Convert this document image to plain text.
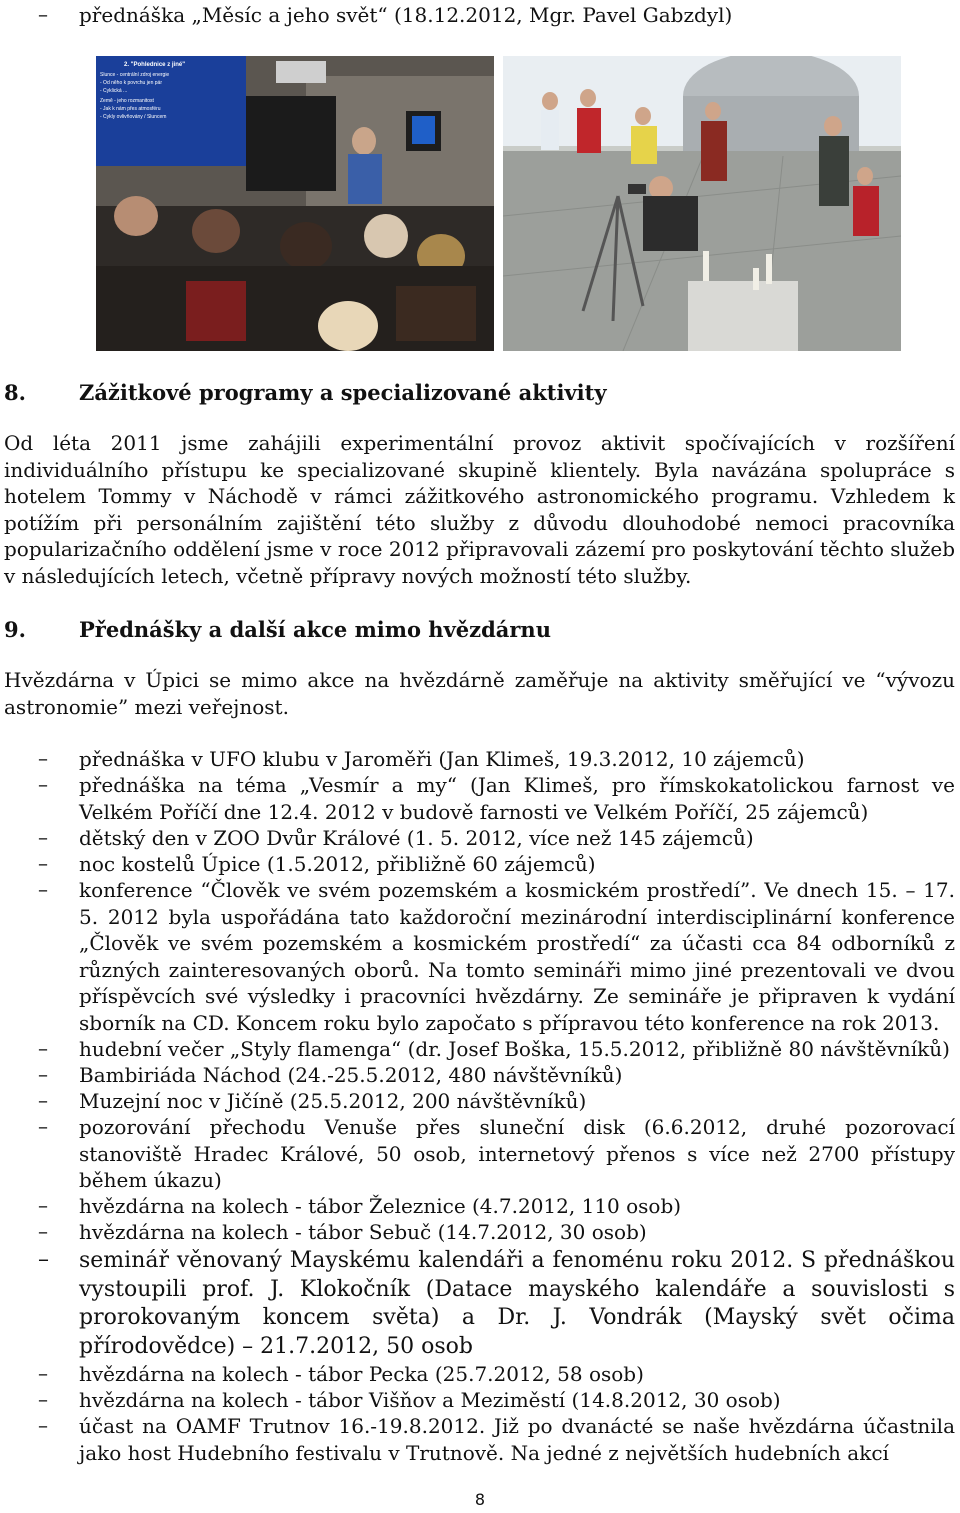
–	přednáška „Měsíc a jeho svět“ (18.12.2012, Mgr. Pavel Gabzdyl)
2. "Pohlednice z jiné"
Slunce - centrální zdroj energie
- Od něho k povrchu jen pár
- Cyklická ...
Země - jeho rozmanitost
- Jak k nám přes atmosféru
- Cykly ovlivňovány / Sluncem
8.	Zážitkové programy a specializované aktivity
Od léta 2011 jsme zahájili experimentální provoz aktivit spočívajících v rozšíření individuálního přístupu ke specializované skupině klientely. Byla navázána spolupráce s hotelem Tommy v Náchodě v rámci zážitkového astronomického programu. Vzhledem k potížím při personálním zajištění této služby z důvodu dlouhodobé nemoci pracovníka popularizačního oddělení jsme v roce 2012 připravovali zázemí pro poskytování těchto služeb v následujících letech, včetně přípravy nových možností této služby.
9.	Přednášky a další akce mimo hvězdárnu
Hvězdárna v Úpici se mimo akce na hvězdárně zaměřuje na aktivity směřující ve “vývozu astronomie” mezi veřejnost.
–	přednáška v UFO klubu v Jaroměři (Jan Klimeš, 19.3.2012, 10 zájemců)
–	přednáška na téma „Vesmír a my“ (Jan Klimeš, pro římskokatolickou farnost ve Velkém Poříčí dne 12.4. 2012 v budově farnosti ve Velkém Poříčí, 25 zájemců)
–	dětský den v ZOO Dvůr Králové (1. 5. 2012, více než 145 zájemců)
–	noc kostelů Úpice (1.5.2012, přibližně 60 zájemců)
–	konference “Člověk ve svém pozemském a kosmickém prostředí”. Ve dnech 15. – 17. 5. 2012 byla uspořádána tato každoroční mezinárodní interdisciplinární konference „Člověk ve svém pozemském a kosmickém prostředí“ za účasti cca 84 odborníků z různých zainteresovaných oborů. Na tomto semináři mimo jiné prezentovali ve dvou příspěvcích své výsledky i pracovníci hvězdárny. Ze semináře je připraven k vydání sborník na CD. Koncem roku bylo započato s přípravou této konference na rok 2013.
–	hudební večer „Styly flamenga“ (dr. Josef Boška, 15.5.2012, přibližně 80 návštěvníků)
–	Bambiriáda Náchod (24.-25.5.2012, 480 návštěvníků)
–	Muzejní noc v Jičíně (25.5.2012, 200 návštěvníků)
–	pozorování přechodu Venuše přes sluneční disk (6.6.2012, druhé pozorovací stanoviště Hradec Králové, 50 osob, internetový přenos s více než 2700 přístupy během úkazu)
–	hvězdárna na kolech - tábor Železnice (4.7.2012, 110 osob)
–	hvězdárna na kolech - tábor Sebuč (14.7.2012, 30 osob)
–	seminář věnovaný Mayskému kalendáři a fenoménu roku 2012. S přednáškou vystoupili prof. J. Klokočník (Datace mayského kalendáře a souvislosti s prorokovaným koncem světa) a Dr. J. Vondrák (Mayský svět očima přírodovědce) – 21.7.2012, 50 osob
–	hvězdárna na kolech - tábor Pecka (25.7.2012, 58 osob)
–	hvězdárna na kolech - tábor Višňov a Meziměstí (14.8.2012, 30 osob)
–	účast na OAMF Trutnov 16.-19.8.2012. Již po dvanácté se naše hvězdárna účastnila jako host Hudebního festivalu v Trutnově. Na jedné z největších hudebních akcí
8
